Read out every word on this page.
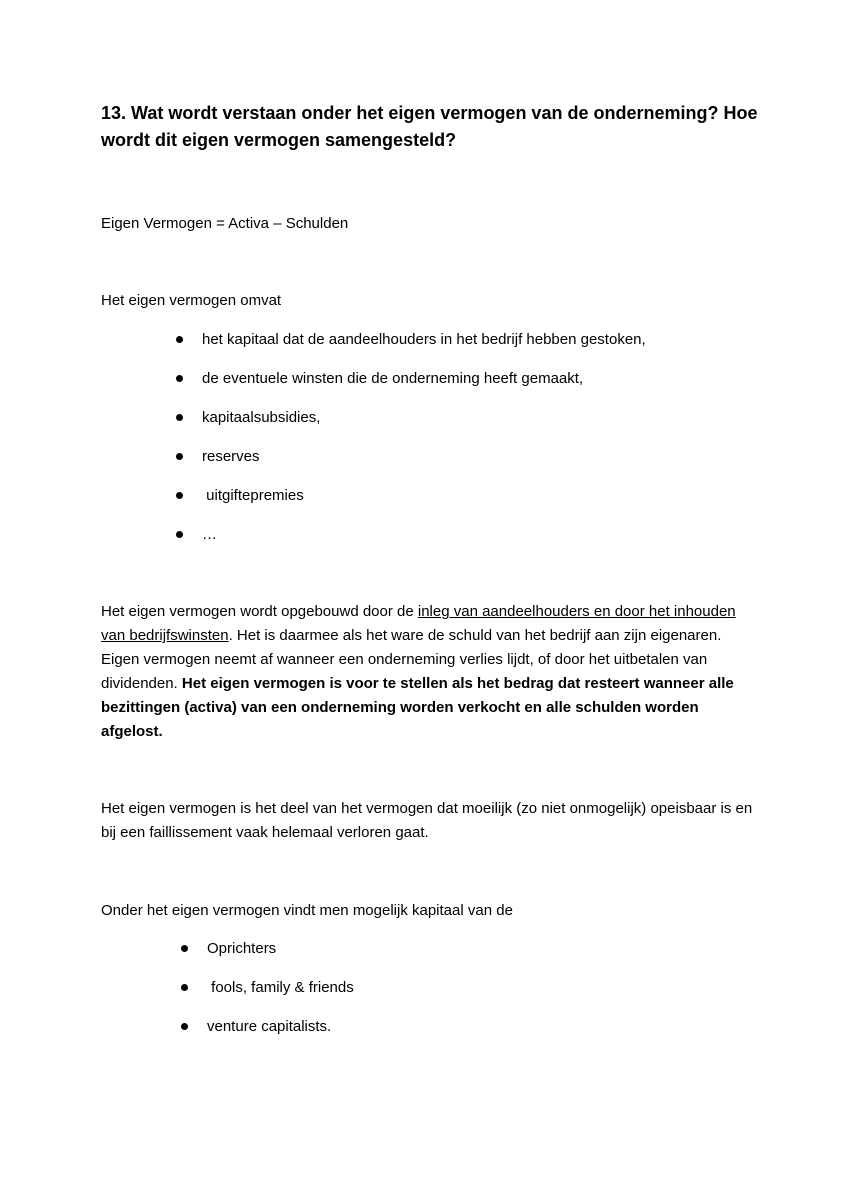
13. Wat wordt verstaan onder het eigen vermogen van de onderneming? Hoe wordt dit eigen vermogen samengesteld?

Eigen Vermogen = Activa – Schulden

Het eigen vermogen omvat

het kapitaal dat de aandeelhouders in het bedrijf hebben gestoken,
de eventuele winsten die de onderneming heeft gemaakt,
kapitaalsubsidies,
reserves
uitgiftepremies
…

Het eigen vermogen wordt opgebouwd door de inleg van aandeelhouders en door het inhouden van bedrijfswinsten. Het is daarmee als het ware de schuld van het bedrijf aan zijn eigenaren. Eigen vermogen neemt af wanneer een onderneming verlies lijdt, of door het uitbetalen van dividenden. Het eigen vermogen is voor te stellen als het bedrag dat resteert wanneer alle bezittingen (activa) van een onderneming worden verkocht en alle schulden worden afgelost.

Het eigen vermogen is het deel van het vermogen dat moeilijk (zo niet onmogelijk) opeisbaar is en bij een faillissement vaak helemaal verloren gaat.

Onder het eigen vermogen vindt men mogelijk kapitaal van de

Oprichters
fools, family & friends
venture capitalists.
